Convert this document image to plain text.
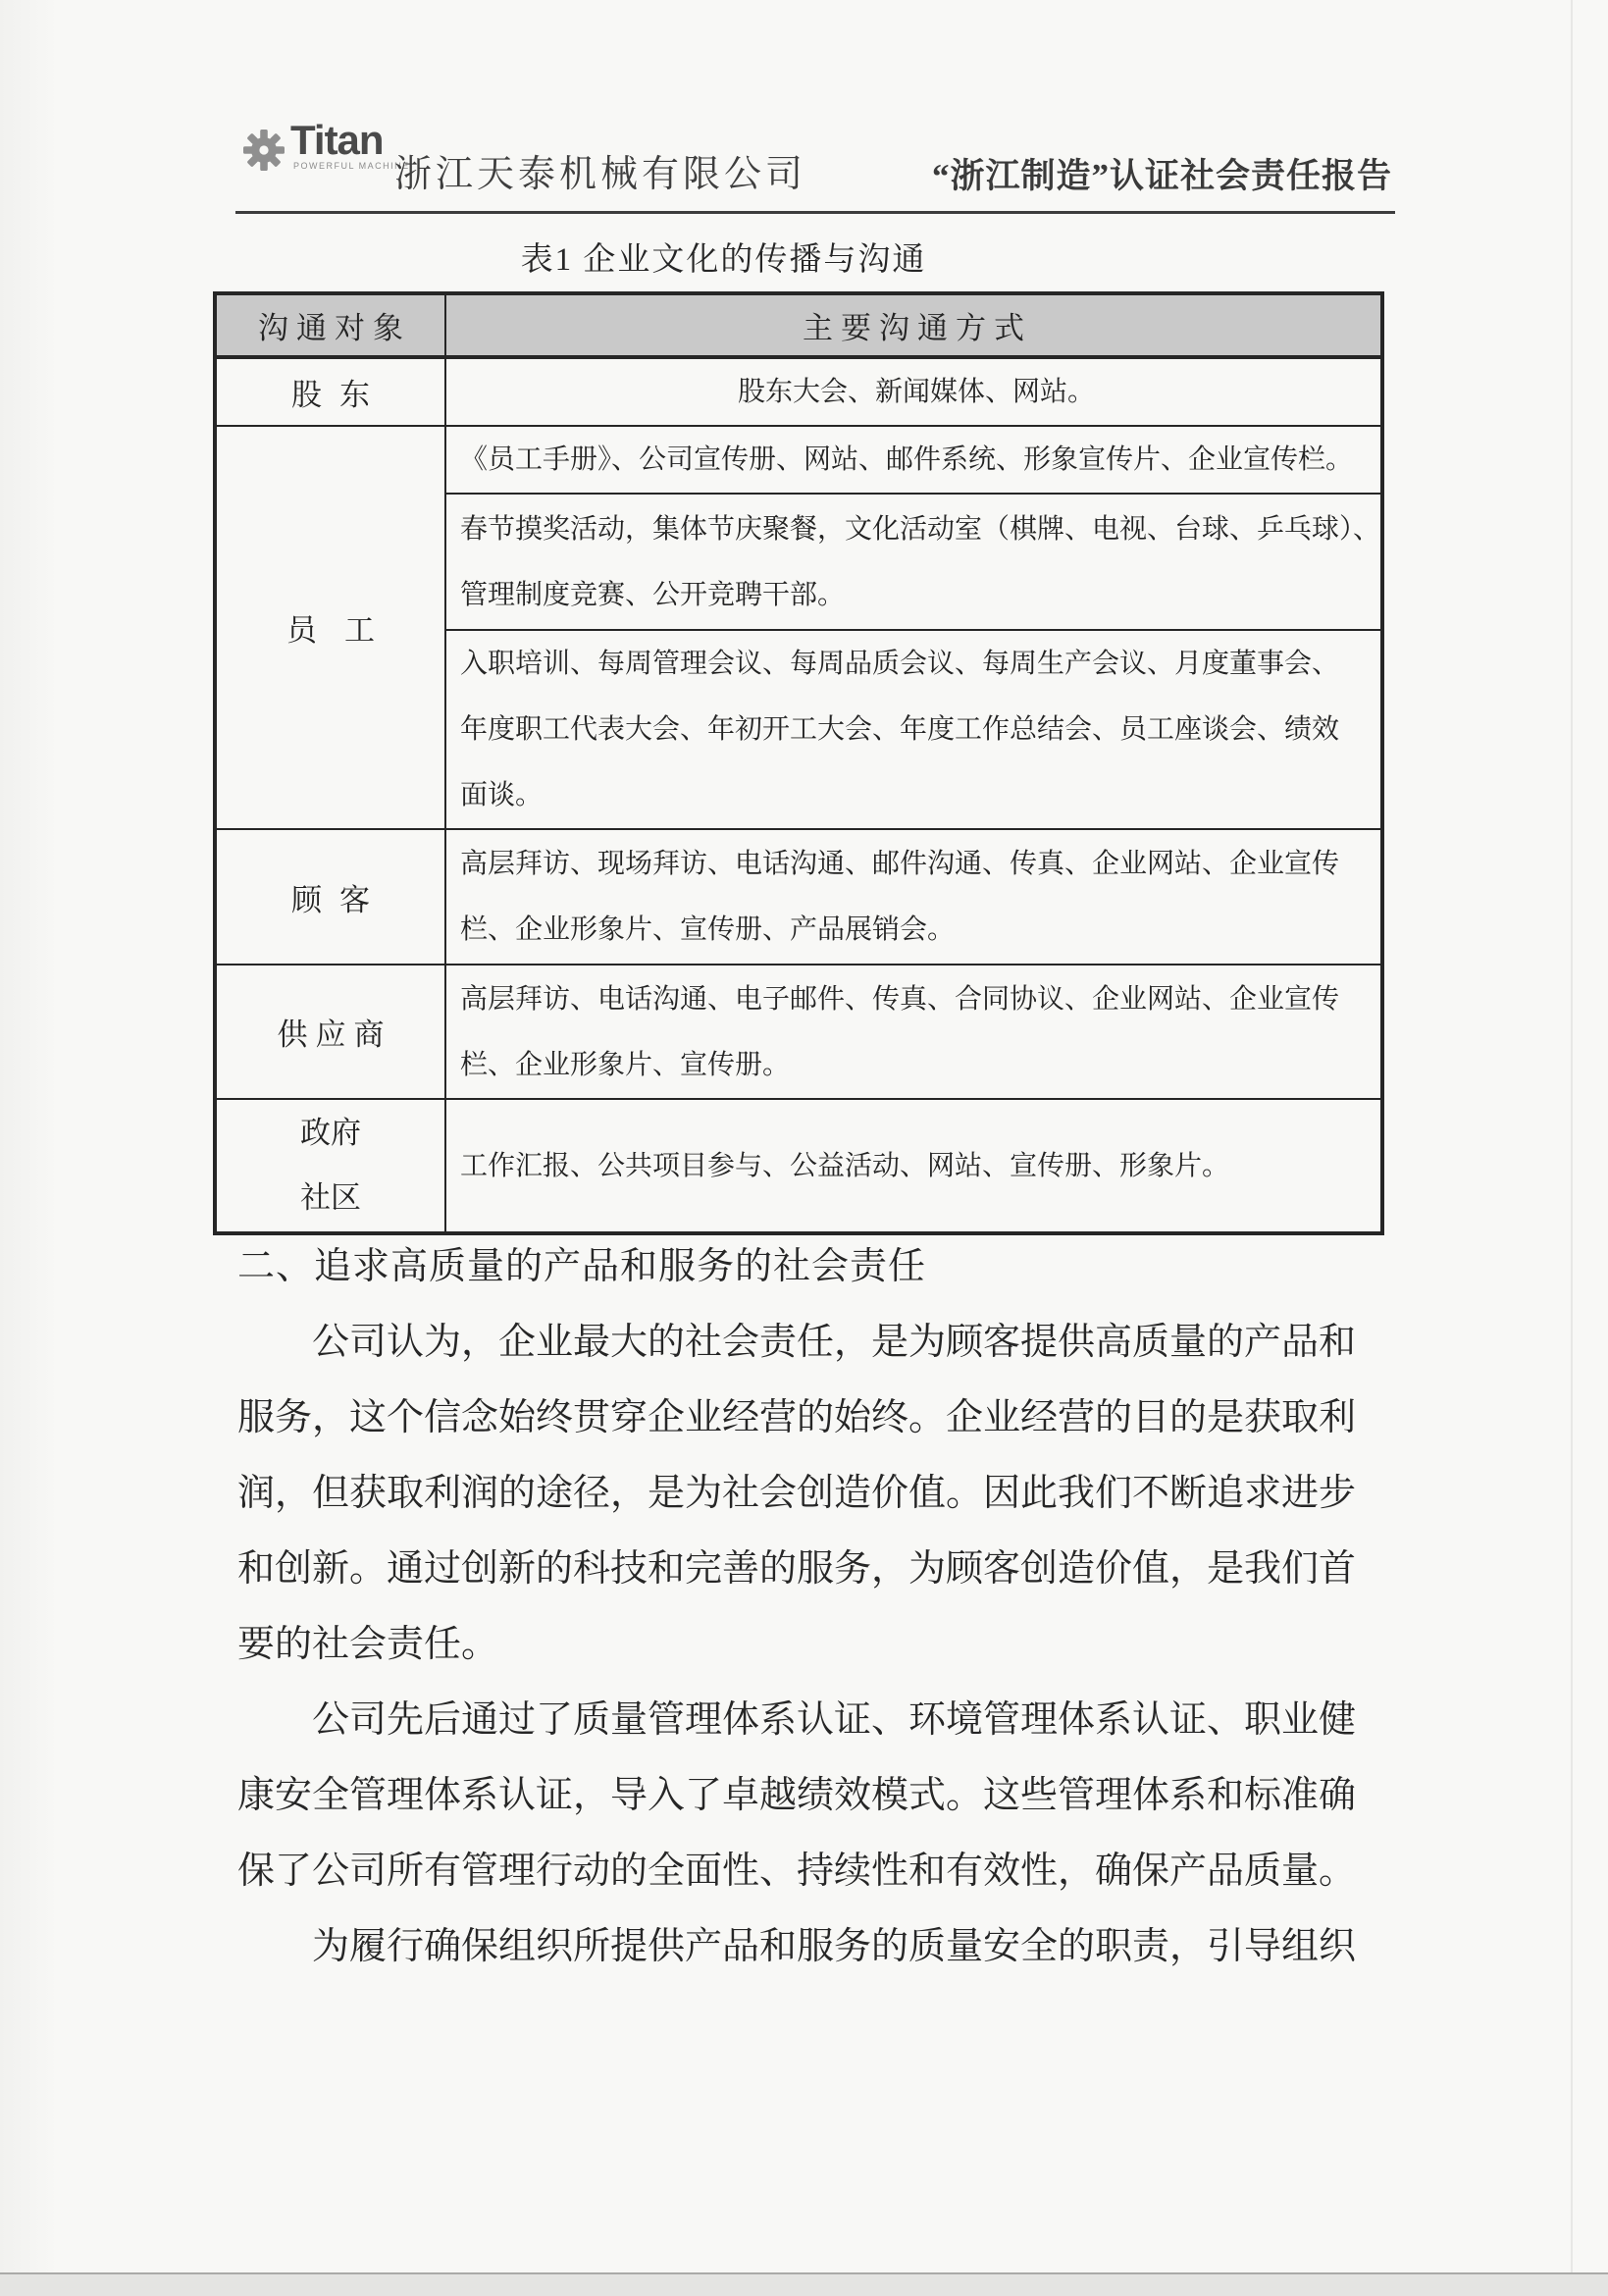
Titan
POWERFUL MACHINE
浙江天泰机械有限公司	“浙江制造”认证社会责任报告
表1 企业文化的传播与沟通
沟通对象	主要沟通方式
股东	股东大会、新闻媒体、网站。

员工	《员工手册》、公司宣传册、网站、邮件系统、形象宣传片、企业宣传栏。

	春节摸奖活动，集体节庆聚餐，文化活动室（棋牌、电视、台球、乒乓球）、
管理制度竞赛、公开竞聘干部。

	入职培训、每周管理会议、每周品质会议、每周生产会议、月度董事会、
年度职工代表大会、年初开工大会、年度工作总结会、员工座谈会、绩效
面谈。

顾客	高层拜访、现场拜访、电话沟通、邮件沟通、传真、企业网站、企业宣传
栏、企业形象片、宣传册、产品展销会。

供应商	高层拜访、电话沟通、电子邮件、传真、合同协议、企业网站、企业宣传
栏、企业形象片、宣传册。

政府
社区	工作汇报、公共项目参与、公益活动、网站、宣传册、形象片。
二、追求高质量的产品和服务的社会责任
公司认为，企业最大的社会责任，是为顾客提供高质量的产品和
服务，这个信念始终贯穿企业经营的始终。企业经营的目的是获取利
润，但获取利润的途径，是为社会创造价值。因此我们不断追求进步
和创新。通过创新的科技和完善的服务，为顾客创造价值，是我们首
要的社会责任。
公司先后通过了质量管理体系认证、环境管理体系认证、职业健
康安全管理体系认证，导入了卓越绩效模式。这些管理体系和标准确
保了公司所有管理行动的全面性、持续性和有效性，确保产品质量。
为履行确保组织所提供产品和服务的质量安全的职责，引导组织
